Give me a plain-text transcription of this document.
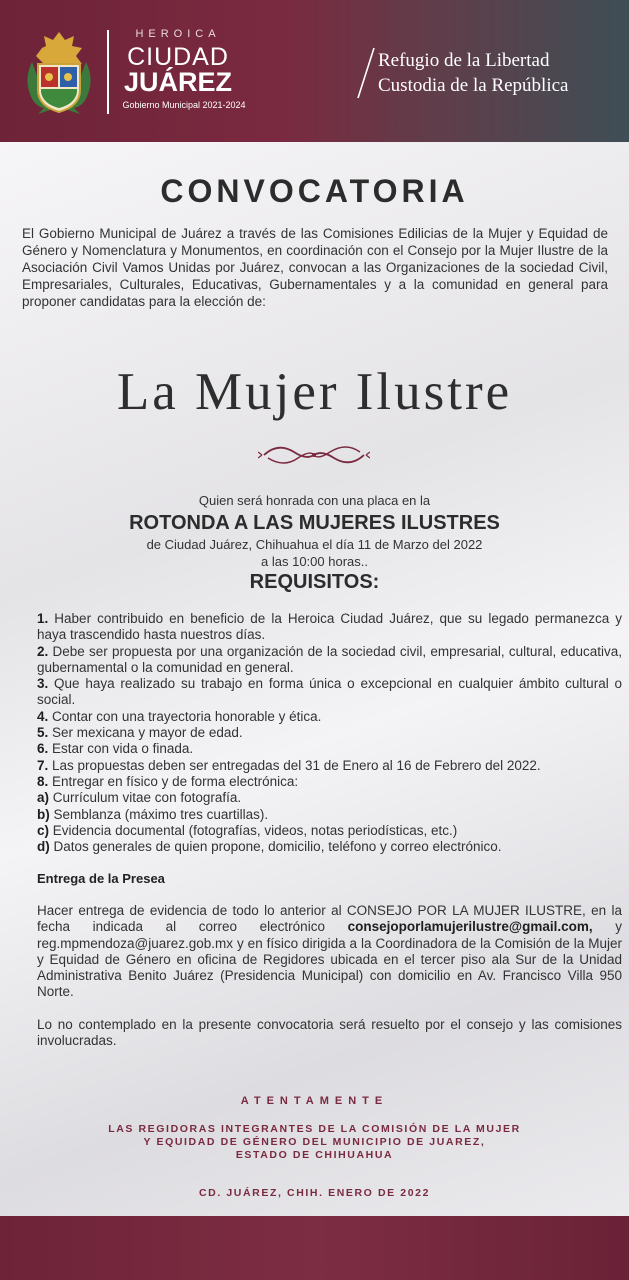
HEROICA
CIUDAD
JUÁREZ
Gobierno Municipal 2021-2024
Refugio de la Libertad
Custodia de la República
CONVOCATORIA
El Gobierno Municipal de Juárez a través de las Comisiones Edilicias de la Mujer y Equidad de Género y Nomenclatura y Monumentos, en coordinación con el Consejo por la Mujer Ilustre de la Asociación Civil Vamos Unidas por Juárez, convocan a las Organizaciones de la sociedad Civil, Empresariales, Culturales, Educativas, Gubernamentales y a la comunidad en general para proponer candidatas para la elección de:
La Mujer Ilustre
Quien será honrada con una placa en la
ROTONDA A LAS MUJERES ILUSTRES
de Ciudad Juárez, Chihuahua el día 11 de Marzo del 2022
a las 10:00 horas..
REQUISITOS:

1. Haber contribuido en beneficio de la Heroica Ciudad Juárez, que su legado permanezca y haya trascendido hasta nuestros días.

2. Debe ser propuesta por una organización de la sociedad civil, empresarial, cultural, educativa, gubernamental o la comunidad en general.

3. Que haya realizado su trabajo en forma única o excepcional en cualquier ámbito cultural o social.

4. Contar con una trayectoria honorable y ética.

5. Ser mexicana y mayor de edad.

6. Estar con vida o finada.

7. Las propuestas deben ser entregadas del 31 de Enero al 16 de Febrero del 2022.

8. Entregar en físico y de forma electrónica:

a) Currículum vitae con fotografía.

b) Semblanza (máximo tres cuartillas).

c) Evidencia documental (fotografías, videos, notas periodísticas, etc.)

d) Datos generales de quien propone, domicilio, teléfono y correo electrónico.

Entrega de la Presea
Hacer entrega de evidencia de todo lo anterior al CONSEJO POR LA MUJER ILUSTRE, en la fecha indicada al correo electrónico consejoporlamujerilustre@gmail.com, y reg.mpmendoza@juarez.gob.mx y en físico dirigida a la Coordinadora de la Comisión de la Mujer y Equidad de Género en oficina de Regidores ubicada en el tercer piso ala Sur de la Unidad Administrativa Benito Juárez (Presidencia Municipal) con domicilio en Av. Francisco Villa 950 Norte.
Lo no contemplado en la presente convocatoria será resuelto por el consejo y las comisiones involucradas.
ATENTAMENTE
LAS REGIDORAS INTEGRANTES DE LA COMISIÓN DE LA MUJER
Y EQUIDAD DE GÉNERO DEL MUNICIPIO DE JUAREZ,
ESTADO DE CHIHUAHUA
CD. JUÁREZ, CHIH. ENERO DE 2022
